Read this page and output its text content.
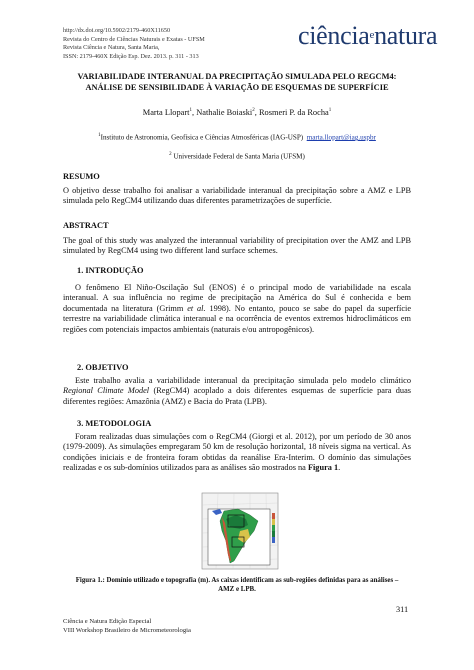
http://dx.doi.org/10.5902/2179-460X11650
Revista do Centro de Ciências Naturais e Exatas - UFSM
Revista Ciência e Natura, Santa Maria,
ISSN: 2179-460X Edição Esp. Dez. 2013. p. 311 - 313
ciência$^e$natura
VARIABILIDADE INTERANUAL DA PRECIPITAÇÃO SIMULADA PELO REGCM4: ANÁLISE DE SENSIBILIDADE À VARIAÇÃO DE ESQUEMAS DE SUPERFÍCIE
Marta Llopart$^1$, Nathalie Boiaski$^2$, Rosmeri P. da Rocha$^1$
$^1$Instituto de Astronomia, Geofísica e Ciências Atmosféricas (IAG-USP) marta.llopart@iag.uspbr
$^2$ Universidade Federal de Santa Maria (UFSM)
RESUMO
O objetivo desse trabalho foi analisar a variabilidade interanual da precipitação sobre a AMZ e LPB simulada pelo RegCM4 utilizando duas diferentes parametrizações de superfície.
ABSTRACT
The goal of this study was analyzed the interannual variability of precipitation over the AMZ and LPB simulated by RegCM4 using two different land surface schemes.
1. INTRODUÇÃO
O fenômeno El Niño-Oscilação Sul (ENOS) é o principal modo de variabilidade na escala interanual. A sua influência no regime de precipitação na América do Sul é conhecida e bem documentada na literatura (Grimm et al. 1998). No entanto, pouco se sabe do papel da superfície terrestre na variabilidade climática interanual e na ocorrência de eventos extremos hidroclimáticos em regiões com potenciais impactos ambientais (naturais e/ou antropogênicos).
2. OBJETIVO
Este trabalho avalia a variabilidade interanual da precipitação simulada pelo modelo climático Regional Climate Model (RegCM4) acoplado a dois diferentes esquemas de superfície para duas diferentes regiões: Amazônia (AMZ) e Bacia do Prata (LPB).
3. METODOLOGIA
Foram realizadas duas simulações com o RegCM4 (Giorgi et al. 2012), por um período de 30 anos (1979-2009). As simulações empregaram 50 km de resolução horizontal, 18 níveis sigma na vertical. As condições iniciais e de fronteira foram obtidas da reanálise Era-Interim. O domínio das simulações realizadas e os sub-domínios utilizados para as análises são mostrados na Figura 1.
Figura 1.: Domínio utilizado e topografia (m). As caixas identificam as sub-regiões definidas para as análises – AMZ e LPB.
311
Ciência e Natura Edição Especial
VIII Workshop Brasileiro de Micrometeorologia
